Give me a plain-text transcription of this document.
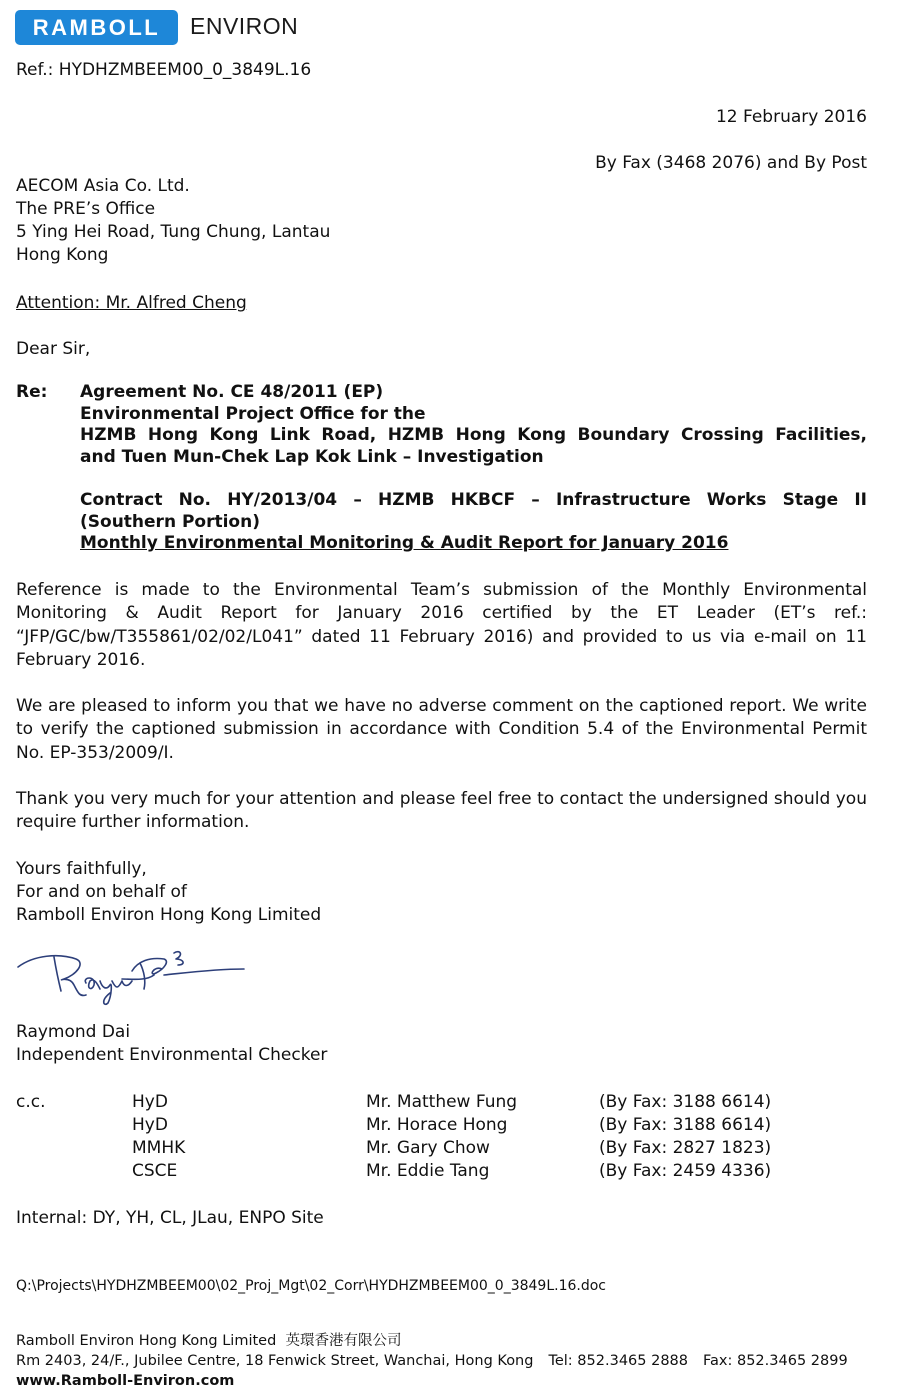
RAMBOLL	ENVIRON
Ref.: HYDHZMBEEM00_0_3849L.16
12 February 2016
By Fax (3468 2076) and By Post
AECOM Asia Co. Ltd.
The PRE’s Office
5 Ying Hei Road, Tung Chung, Lantau
Hong Kong
Attention: Mr. Alfred Cheng
Dear Sir,
Re: Agreement No. CE 48/2011 (EP)
Environmental Project Office for the
HZMB Hong Kong Link Road, HZMB Hong Kong Boundary Crossing Facilities,
and Tuen Mun-Chek Lap Kok Link – Investigation
Contract No. HY/2013/04 – HZMB HKBCF – Infrastructure Works Stage II
(Southern Portion)
Monthly Environmental Monitoring & Audit Report for January 2016
Reference is made to the Environmental Team’s submission of the Monthly Environmental Monitoring & Audit Report for January 2016 certified by the ET Leader (ET’s ref.: “JFP/GC/bw/T355861/02/02/L041” dated 11 February 2016) and provided to us via e-mail on 11 February 2016.
We are pleased to inform you that we have no adverse comment on the captioned report. We write to verify the captioned submission in accordance with Condition 5.4 of the Environmental Permit No. EP-353/2009/I.
Thank you very much for your attention and please feel free to contact the undersigned should you require further information.
Yours faithfully,
For and on behalf of
Ramboll Environ Hong Kong Limited
Raymond Dai
Independent Environmental Checker
c.c.	HyD	Mr. Matthew Fung	(By Fax: 3188 6614)
HyD	Mr. Horace Hong	(By Fax: 3188 6614)
MMHK	Mr. Gary Chow	(By Fax: 2827 1823)
CSCE	Mr. Eddie Tang	(By Fax: 2459 4336)
Internal: DY, YH, CL, JLau, ENPO Site
Q:\Projects\HYDHZMBEEM00\02_Proj_Mgt\02_Corr\HYDHZMBEEM00_0_3849L.16.doc
Ramboll Environ Hong Kong Limited 英環香港有限公司
Rm 2403, 24/F., Jubilee Centre, 18 Fenwick Street, Wanchai, Hong Kong Tel: 852.3465 2888 Fax: 852.3465 2899
www.Ramboll-Environ.com
